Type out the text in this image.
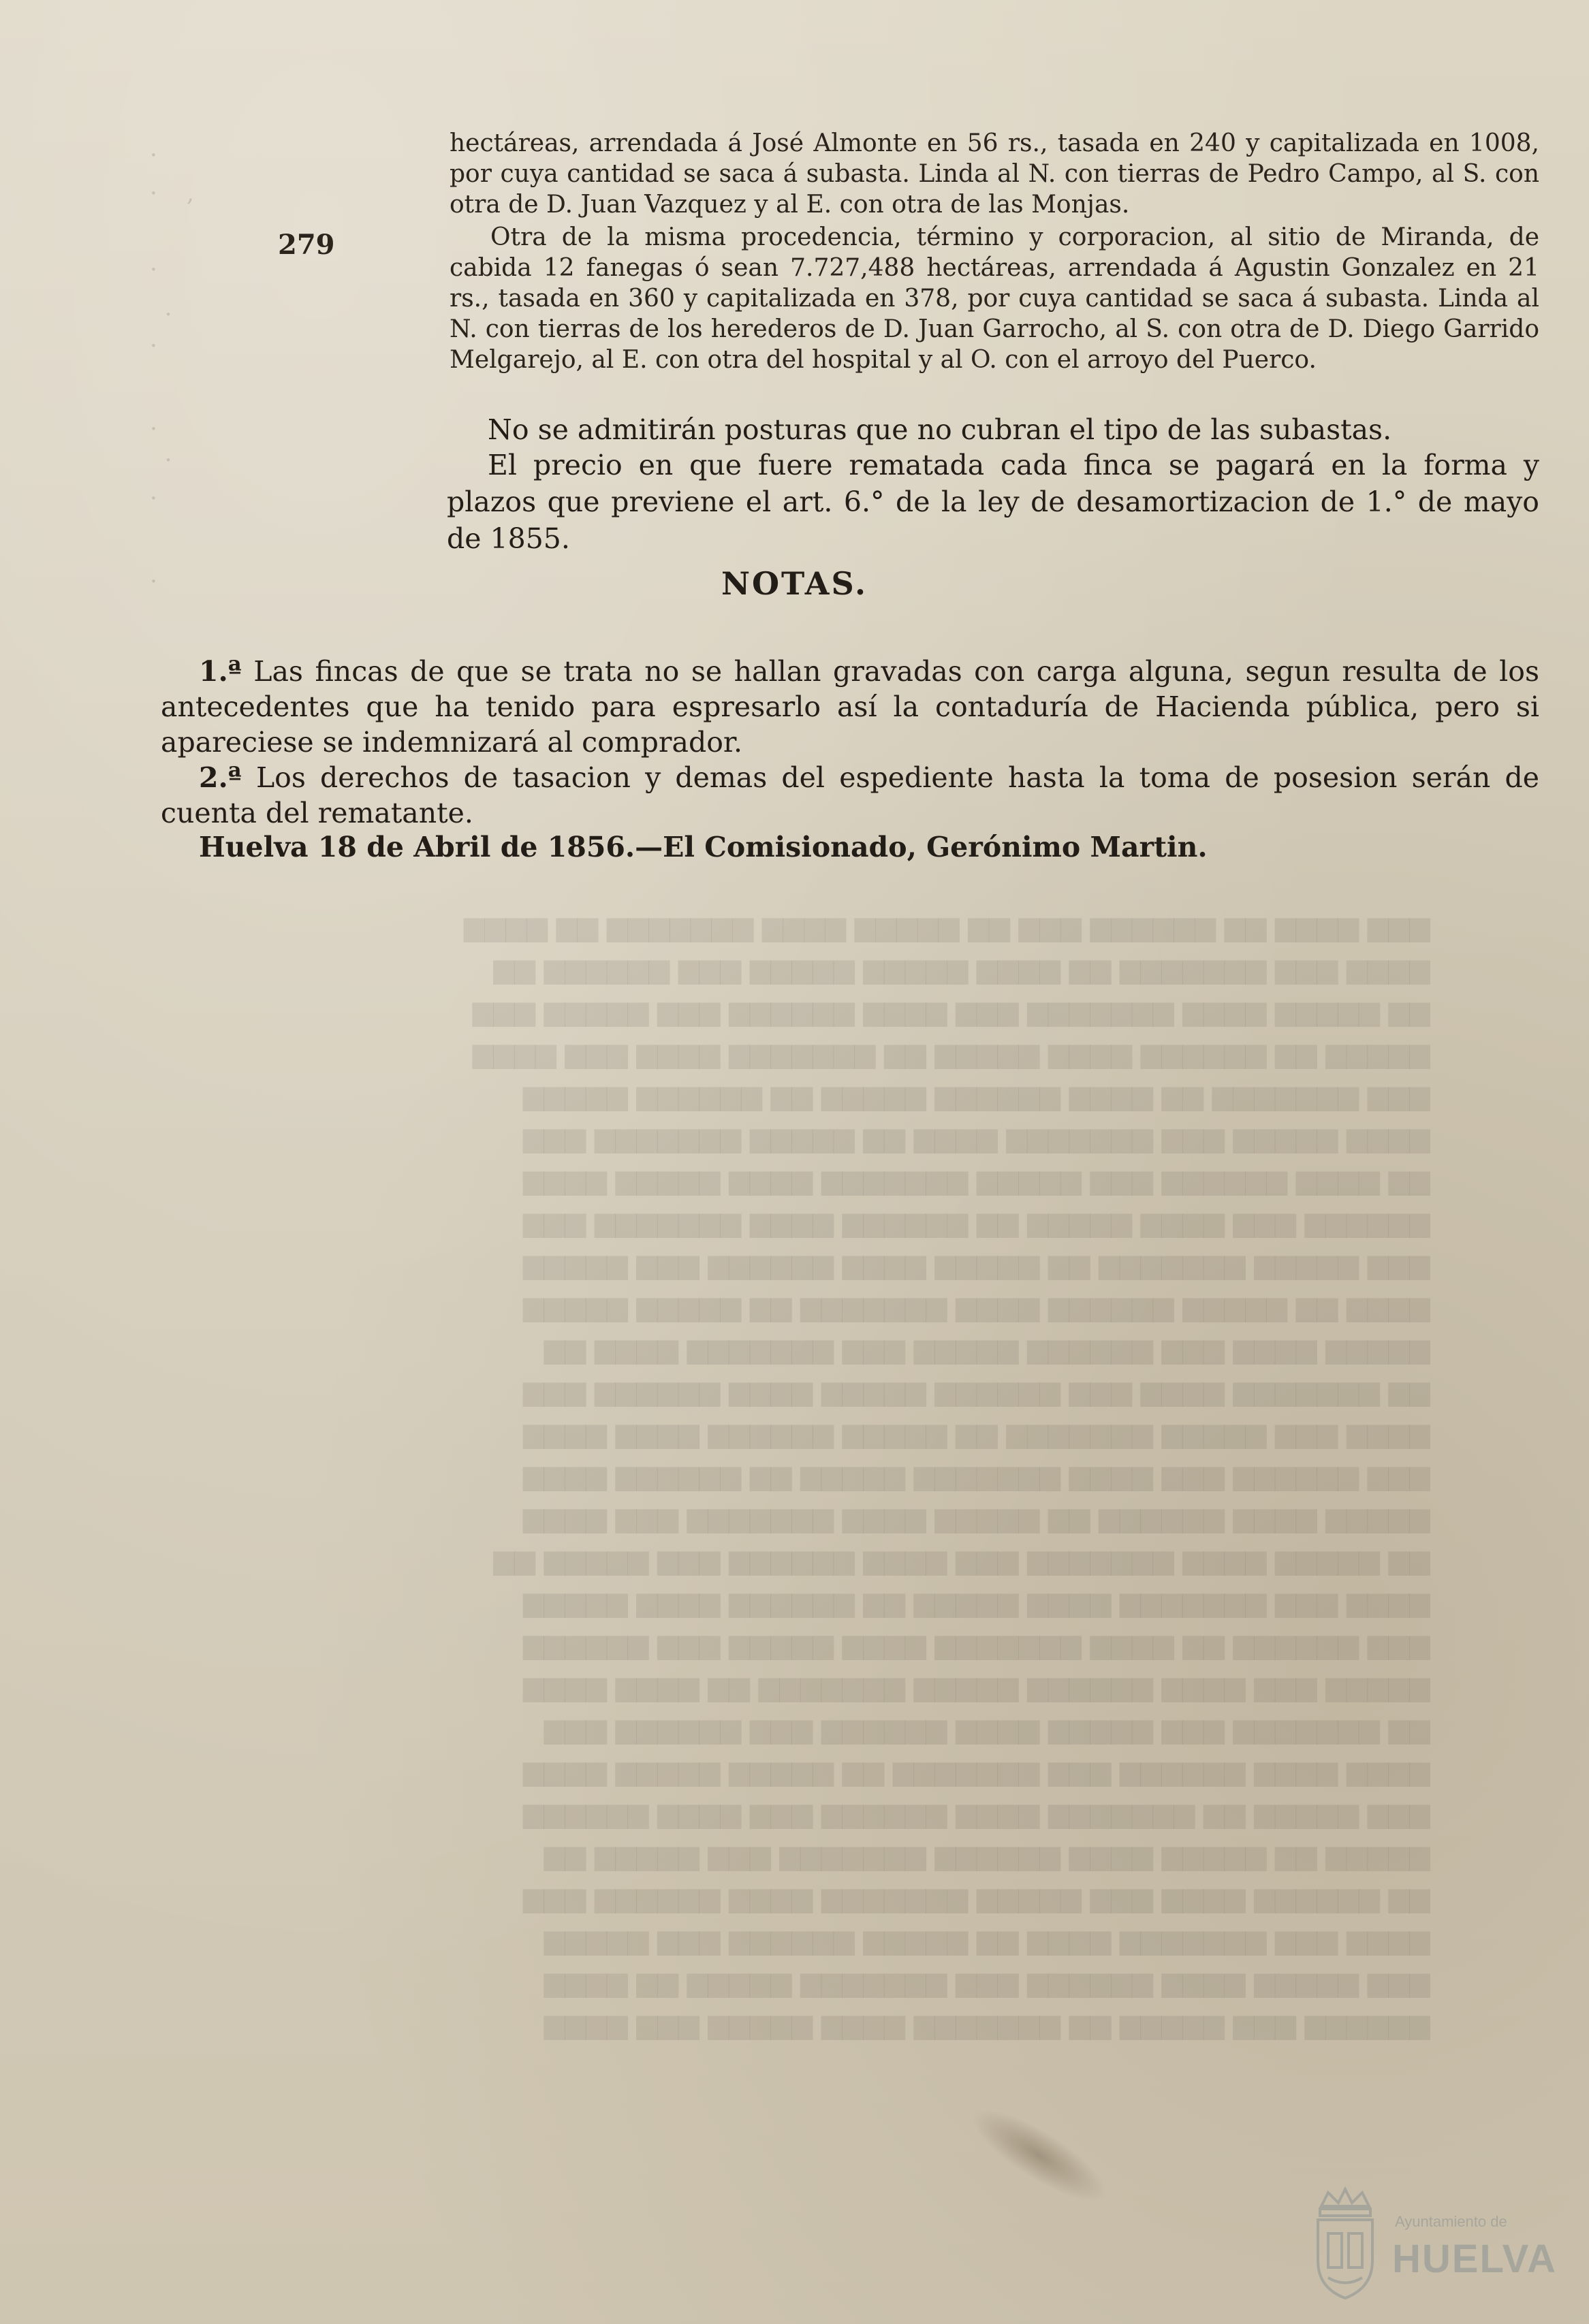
▆▆▆ ▆▆▆▆ ▆▆ ▆▆▆▆▆▆ ▆▆▆ ▆▆ ▆▆▆▆▆ ▆▆▆▆ ▆▆▆▆▆▆▆ ▆▆ ▆▆▆▆
▆▆▆▆ ▆▆▆ ▆▆▆▆▆▆▆ ▆▆ ▆▆▆▆ ▆▆▆▆▆ ▆▆▆▆▆ ▆▆▆ ▆▆▆▆▆▆ ▆▆
▆▆ ▆▆▆▆▆ ▆▆▆▆ ▆▆▆▆▆▆▆ ▆▆▆ ▆▆▆▆ ▆▆▆▆▆▆ ▆▆▆ ▆▆▆▆▆ ▆▆▆
▆▆▆▆▆ ▆▆ ▆▆▆▆▆▆ ▆▆▆▆ ▆▆▆▆▆ ▆▆ ▆▆▆▆▆▆▆ ▆▆▆▆ ▆▆▆ ▆▆▆▆
▆▆▆ ▆▆▆▆▆▆▆ ▆▆ ▆▆▆▆ ▆▆▆▆▆▆ ▆▆▆▆▆ ▆▆ ▆▆▆▆▆▆ ▆▆▆▆▆
▆▆▆▆ ▆▆▆▆▆ ▆▆▆ ▆▆▆▆▆▆▆ ▆▆▆▆ ▆▆ ▆▆▆▆▆ ▆▆▆▆▆▆▆ ▆▆▆
▆▆ ▆▆▆▆ ▆▆▆▆▆▆ ▆▆▆ ▆▆▆▆▆ ▆▆▆▆▆▆▆ ▆▆▆▆ ▆▆▆▆▆ ▆▆▆▆
▆▆▆▆▆▆ ▆▆▆ ▆▆▆▆ ▆▆▆▆▆ ▆▆ ▆▆▆▆▆▆ ▆▆▆▆ ▆▆▆▆▆▆▆ ▆▆▆
▆▆▆ ▆▆▆▆▆ ▆▆▆▆▆▆▆ ▆▆ ▆▆▆▆▆ ▆▆▆▆ ▆▆▆▆▆▆ ▆▆▆ ▆▆▆▆▆
▆▆▆▆ ▆▆ ▆▆▆▆▆ ▆▆▆▆▆▆ ▆▆▆▆ ▆▆▆▆▆▆▆ ▆▆ ▆▆▆▆▆ ▆▆▆▆▆
▆▆▆▆▆ ▆▆▆▆ ▆▆▆ ▆▆▆▆▆▆ ▆▆▆▆▆ ▆▆▆ ▆▆▆▆▆▆▆ ▆▆▆▆ ▆▆
▆▆ ▆▆▆▆▆▆▆ ▆▆▆▆ ▆▆▆ ▆▆▆▆▆▆ ▆▆▆▆▆ ▆▆▆▆ ▆▆▆▆▆▆ ▆▆▆
▆▆▆▆ ▆▆▆ ▆▆▆▆▆ ▆▆▆▆▆▆▆ ▆▆ ▆▆▆▆▆ ▆▆▆▆▆▆ ▆▆▆▆ ▆▆▆▆
▆▆▆ ▆▆▆▆▆▆ ▆▆▆ ▆▆▆▆ ▆▆▆▆▆▆▆ ▆▆▆▆▆ ▆▆ ▆▆▆▆▆▆ ▆▆▆▆
▆▆▆▆▆ ▆▆▆▆ ▆▆▆▆▆▆ ▆▆ ▆▆▆▆▆ ▆▆▆▆ ▆▆▆▆▆▆▆ ▆▆▆ ▆▆▆▆
▆▆ ▆▆▆▆▆ ▆▆▆▆ ▆▆▆▆▆▆▆ ▆▆▆ ▆▆▆▆ ▆▆▆▆▆▆ ▆▆▆ ▆▆▆▆▆ ▆▆
▆▆▆▆ ▆▆▆ ▆▆▆▆▆▆▆ ▆▆▆▆ ▆▆▆▆▆ ▆▆ ▆▆▆▆▆▆ ▆▆▆▆ ▆▆▆▆▆
▆▆▆ ▆▆▆▆▆▆ ▆▆ ▆▆▆▆ ▆▆▆▆▆▆▆ ▆▆▆▆ ▆▆▆▆▆ ▆▆▆ ▆▆▆▆▆▆
▆▆▆▆▆ ▆▆▆ ▆▆▆▆ ▆▆▆▆▆▆ ▆▆▆▆▆ ▆▆▆▆▆▆▆ ▆▆ ▆▆▆▆ ▆▆▆▆
▆▆ ▆▆▆▆▆▆▆ ▆▆▆ ▆▆▆▆▆ ▆▆▆▆ ▆▆▆▆▆▆ ▆▆▆ ▆▆▆▆▆▆ ▆▆▆
▆▆▆▆ ▆▆▆▆ ▆▆▆▆▆▆ ▆▆▆ ▆▆▆▆▆▆▆ ▆▆ ▆▆▆▆▆ ▆▆▆▆▆ ▆▆▆▆
▆▆▆ ▆▆▆▆▆ ▆▆ ▆▆▆▆▆▆▆ ▆▆▆▆ ▆▆▆▆▆▆ ▆▆▆ ▆▆▆▆ ▆▆▆▆▆▆
▆▆▆▆▆ ▆▆ ▆▆▆▆▆ ▆▆▆▆ ▆▆▆▆▆▆ ▆▆▆▆▆▆▆ ▆▆▆ ▆▆▆▆▆ ▆▆
▆▆ ▆▆▆▆▆▆ ▆▆▆▆ ▆▆▆ ▆▆▆▆▆ ▆▆▆▆▆▆▆ ▆▆▆▆ ▆▆▆▆▆▆ ▆▆▆
▆▆▆▆ ▆▆▆ ▆▆▆▆▆▆▆ ▆▆▆▆ ▆▆ ▆▆▆▆▆ ▆▆▆▆▆▆ ▆▆▆ ▆▆▆▆▆
▆▆▆ ▆▆▆▆▆ ▆▆▆▆ ▆▆▆▆▆▆ ▆▆▆ ▆▆▆▆▆▆▆ ▆▆▆▆▆ ▆▆ ▆▆▆▆
▆▆▆▆▆▆ ▆▆▆ ▆▆▆▆▆ ▆▆ ▆▆▆▆▆▆▆ ▆▆▆▆ ▆▆▆▆▆ ▆▆▆ ▆▆▆▆
·
·    ,

·
.
·

.
·
·

.
hectáreas, arrendada á José Almonte en 56 rs., tasada en 240 y capitalizada en 1008, por cuya cantidad se saca á subasta. Linda al N. con tierras de Pedro Campo, al S. con otra de D. Juan Vazquez y al E. con otra de las Monjas.
279	Otra de la misma procedencia, término y corporacion, al sitio de Miranda, de cabida 12 fanegas ó sean 7.727,488 hectáreas, arrendada á Agustin Gonzalez en 21 rs., tasada en 360 y capitalizada en 378, por cuya cantidad se saca á subasta. Linda al N. con tierras de los herederos de D. Juan Garrocho, al S. con otra de D. Diego Garrido Melgarejo, al E. con otra del hospital y al O. con el arroyo del Puerco.
No se admitirán posturas que no cubran el tipo de las subastas.
El precio en que fuere rematada cada finca se pagará en la forma y plazos que previene el art. 6.° de la ley de desamortizacion de 1.° de mayo de 1855.
NOTAS.
1.ª Las fincas de que se trata no se hallan gravadas con carga alguna, segun resulta de los antecedentes que ha tenido para espresarlo así la contaduría de Hacienda pública, pero si apareciese se indemnizará al comprador.
2.ª Los derechos de tasacion y demas del espediente hasta la toma de posesion serán de cuenta del rematante.
Huelva 18 de Abril de 1856.—El Comisionado, Gerónimo Martin.
Ayuntamiento de
HUELVA
